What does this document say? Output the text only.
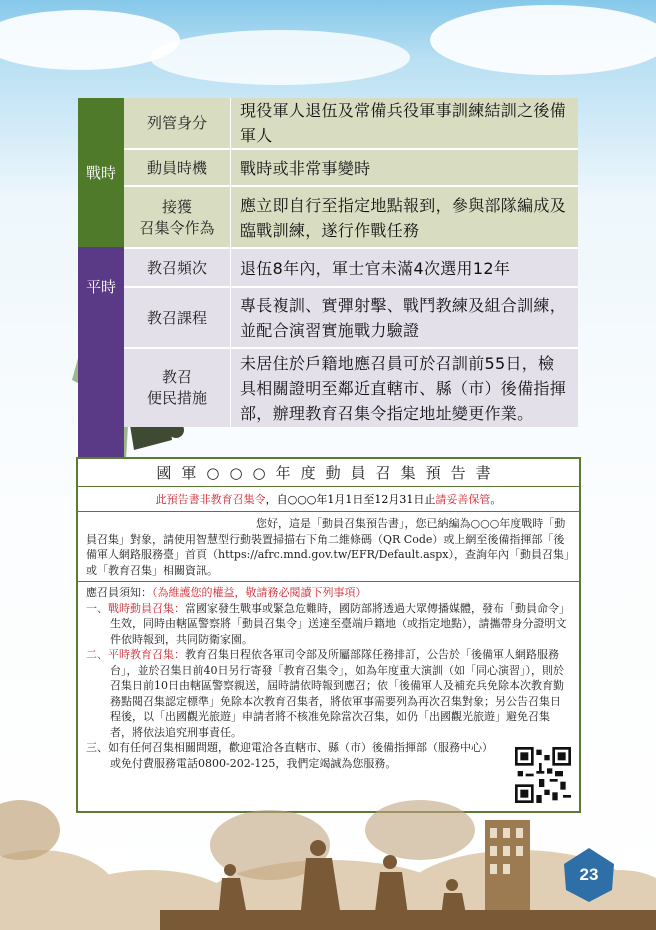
戰時
平時
列管身分
現役軍人退伍及常備兵役軍事訓練結訓之後備軍人
動員時機	戰時或非常事變時
接獲
召集令作為
應立即自行至指定地點報到，參與部隊編成及臨戰訓練，遂行作戰任務
教召頻次	退伍8年內，軍士官未滿4次選用12年
教召課程
專長複訓、實彈射擊、戰鬥教練及組合訓練，並配合演習實施戰力驗證
教召
便民措施
未居住於戶籍地應召員可於召訓前55日，檢具相關證明至鄰近直轄市、縣（市）後備指揮部，辦理教育召集令指定地址變更作業。
國軍○○○年度動員召集預告書
此預告書非教育召集令 ，自○○○年1月1日至12月31日止 請妥善保管 。
您好，這是「動員召集預告書」，您已納編為○○○年度戰時「動員召集」對象，請使用智慧型行動裝置掃描右下角二維條碼（QR Code）或上網至後備指揮部「後備軍人網路服務臺」首頁（https://afrc.mnd.gov.tw/EFR/Default.aspx），查詢年內「動員召集」或「教育召集」相關資訊。
應召員須知：（為維護您的權益，敬請務必閱讀下列事項）
一、戰時動員召集：當國家發生戰事或緊急危難時，國防部將透過大眾傳播媒體，發布「動員命令」生效，同時由轄區警察將「動員召集令」送達至臺端戶籍地（或指定地點），請攜帶身分證明文件依時報到，共同防衛家園。
二、平時教育召集：教育召集日程依各軍司令部及所屬部隊任務排訂，公告於「後備軍人網路服務台」，並於召集日前40日另行寄發「教育召集令」，如為年度重大演訓（如「同心演習」），則於召集日前10日由轄區警察親送，屆時請依時報到應召；依「後備軍人及補充兵免除本次教育勤務點閱召集認定標準」免除本次教育召集者，將依軍事需要列為再次召集對象；另公告召集日程後，以「出國觀光旅遊」申請者將不核准免除當次召集，如仍「出國觀光旅遊」避免召集者，將依法追究刑事責任。
三、如有任何召集相關問題，歡迎電洽各直轄市、縣（市）後備指揮部（服務中心）或免付費服務電話0800-202-125，我們定竭誠為您服務。
23
